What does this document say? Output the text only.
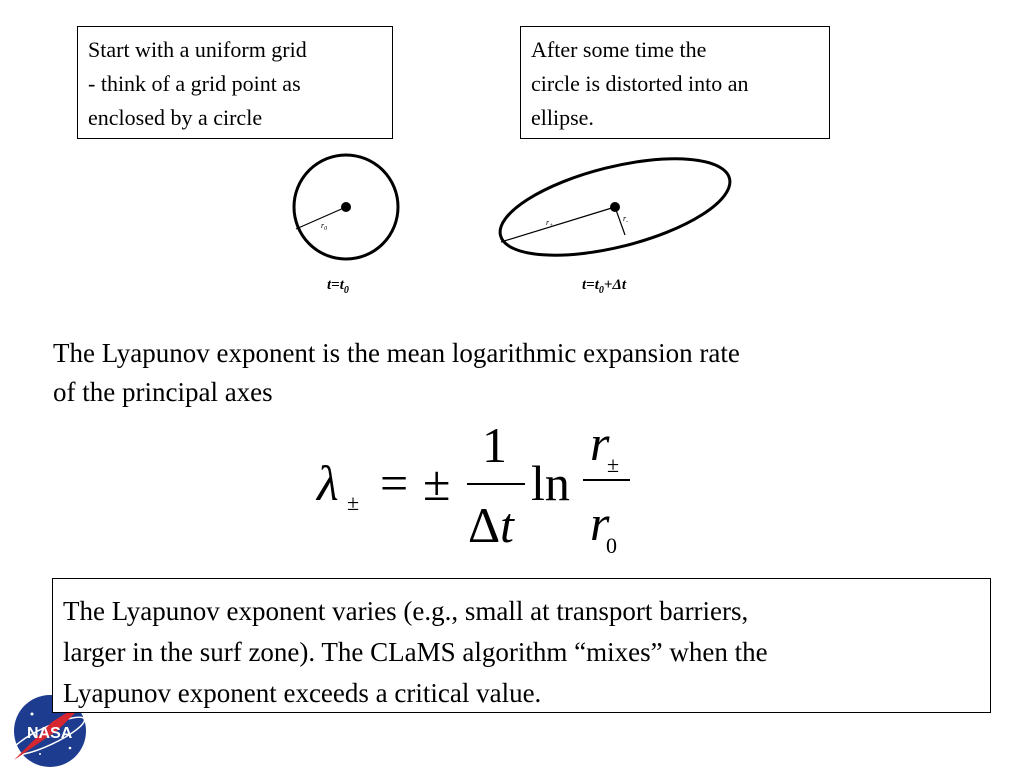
Start with a uniform grid
- think of a grid point as
enclosed by a circle
After some time the
circle is distorted into an
ellipse.
$r_0$
$r_+$
$r_-$
λ ± = ±
1
Δ t
ln
r
±
r
0
NASA
$t=t_0$	$t=t_0+\Delta t$
The Lyapunov exponent is the mean logarithmic expansion rate
of the principal axes
The Lyapunov exponent varies (e.g., small at transport barriers,
larger in the surf zone). The CLaMS algorithm “mixes” when the
Lyapunov exponent exceeds a critical value.
